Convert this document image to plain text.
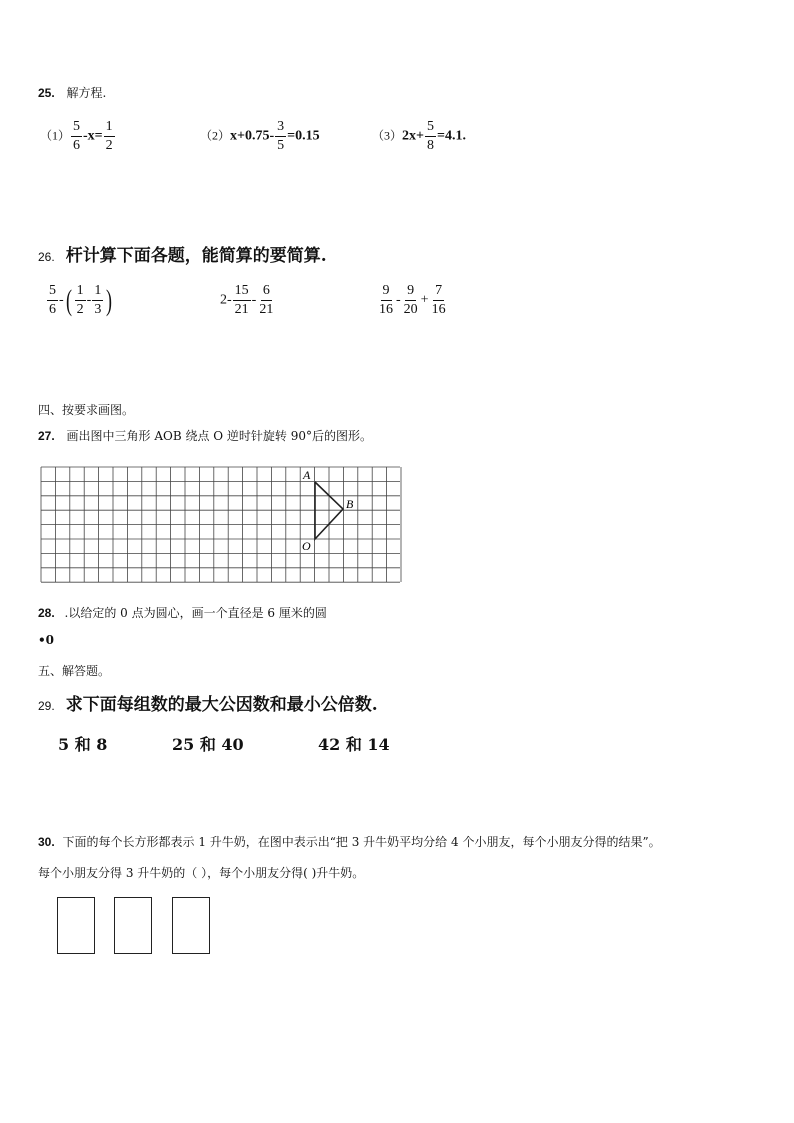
25. 解方程.
$(1) \frac{5}{6} -x= \frac{1}{2}$	$(2)x+0.75- \frac{3}{5} =0.15$	$(3)2x+ \frac{5}{8} =4.1$.
26. 杆计算下面各题，能简算的要简算.
$\frac{5}{6}$ -( $\frac{1}{2} - \frac{1}{3}$ )	$2- \frac{15}{21} - \frac{6}{21}$	$\frac{9}{16} - \frac{9}{20} + \frac{7}{16}$
四、按要求画图。
27. 画出图中三角形 AOB 绕点 O 逆时针旋转 90°后的图形。
A
B
O
28. .以给定的 0 点为圆心，画一个直径是 6 厘米的圆
•0
五、解答题。
29. 求下面每组数的最大公因数和最小公倍数.
5 和 8	25 和 40	42 和 14
30. 下面的每个长方形都表示 1 升牛奶，在图中表示出“把 3 升牛奶平均分给 4 个小朋友，每个小朋友分得的结果”。
每个小朋友分得 3 升牛奶的（ ），每个小朋友分得( )升牛奶。
